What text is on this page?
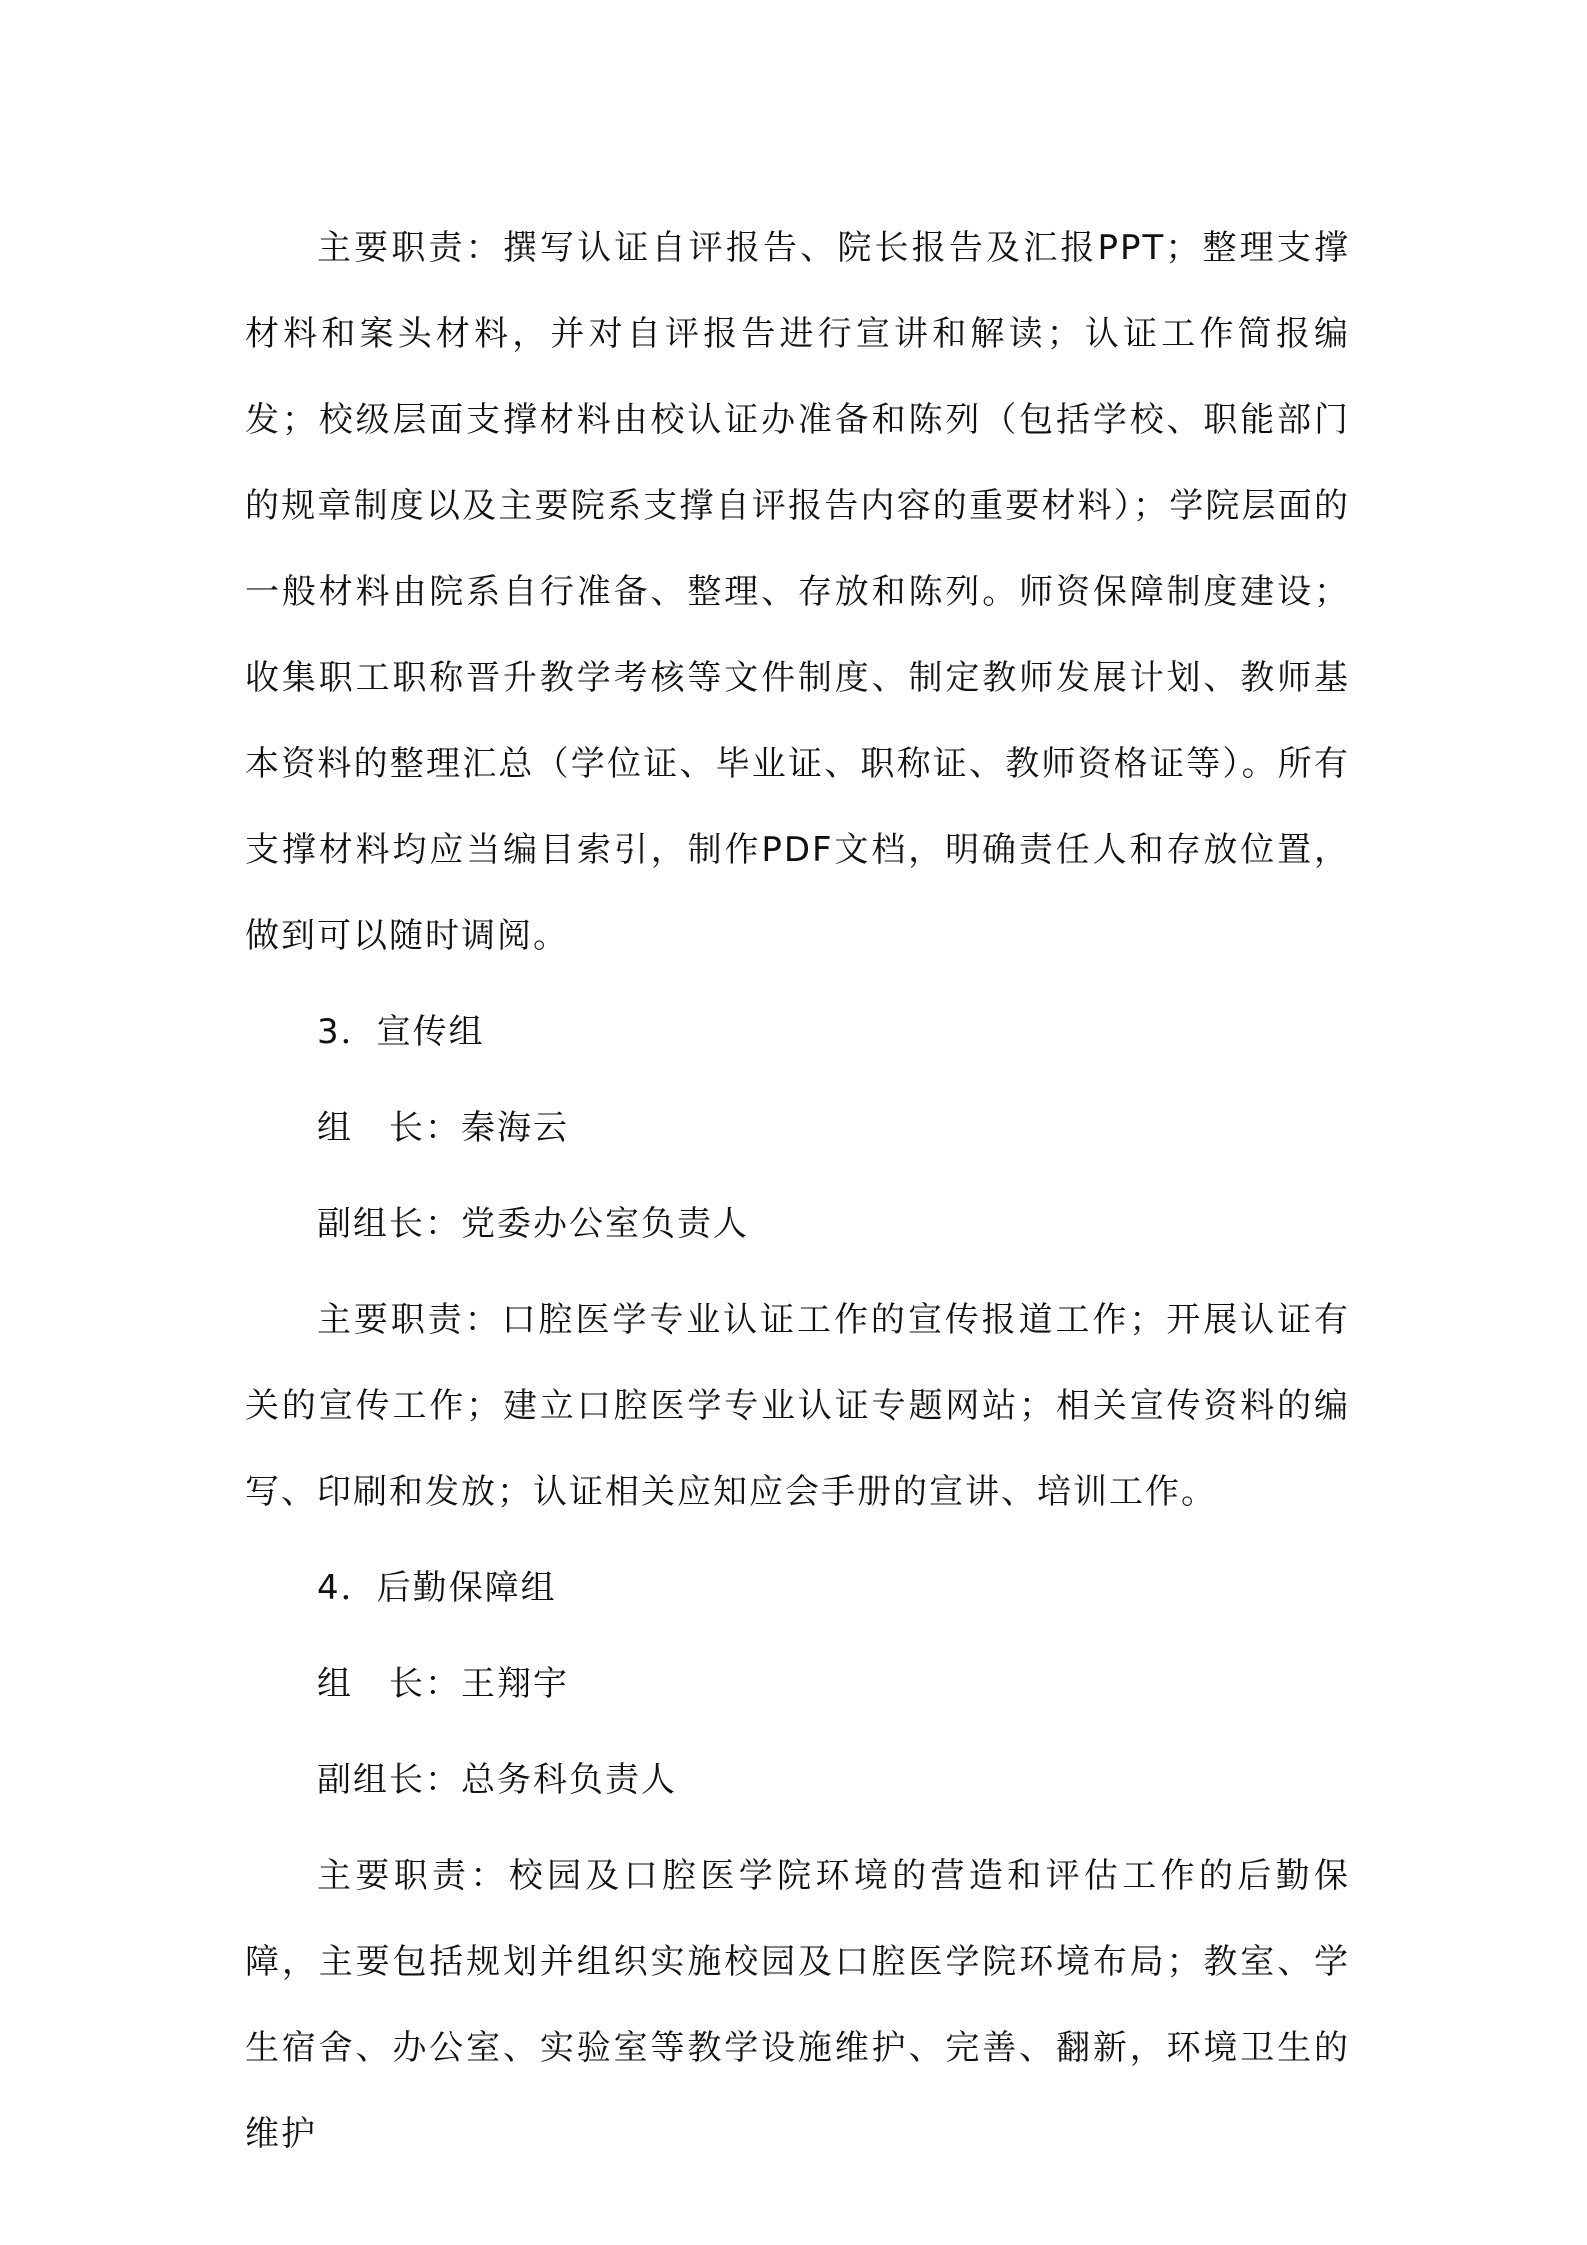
主要职责：撰写认证自评报告、院长报告及汇报PPT；整理支撑材料和案头材料，并对自评报告进行宣讲和解读；认证工作简报编发；校级层面支撑材料由校认证办准备和陈列（包括学校、职能部门的规章制度以及主要院系支撑自评报告内容的重要材料）；学院层面的一般材料由院系自行准备、整理、存放和陈列。师资保障制度建设；收集职工职称晋升教学考核等文件制度、制定教师发展计划、教师基本资料的整理汇总（学位证、毕业证、职称证、教师资格证等）。所有支撑材料均应当编目索引，制作PDF文档，明确责任人和存放位置，做到可以随时调阅。

3．宣传组

组　长：秦海云

副组长：党委办公室负责人

主要职责：口腔医学专业认证工作的宣传报道工作；开展认证有关的宣传工作；建立口腔医学专业认证专题网站；相关宣传资料的编写、印刷和发放；认证相关应知应会手册的宣讲、培训工作。

4．后勤保障组

组　长：王翔宇

副组长：总务科负责人

主要职责：校园及口腔医学院环境的营造和评估工作的后勤保障，主要包括规划并组织实施校园及口腔医学院环境布局；教室、学生宿舍、办公室、实验室等教学设施维护、完善、翻新，环境卫生的维护
